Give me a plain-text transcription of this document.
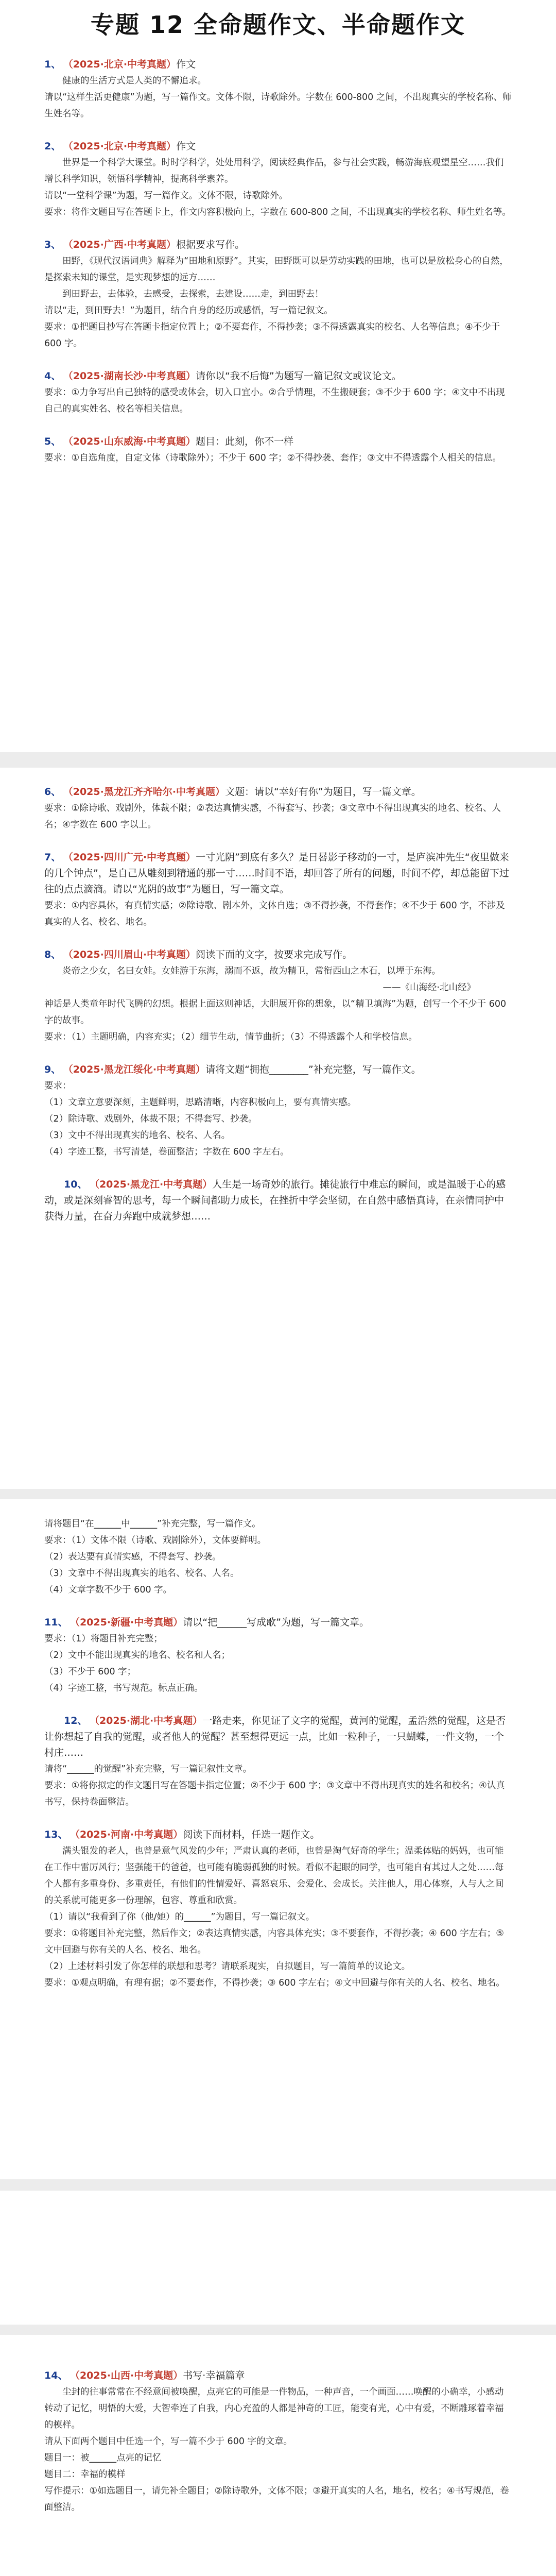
专题 12 全命题作文、半命题作文

1、 （2025·北京·中考真题）作文

健康的生活方式是人类的不懈追求。

请以“这样生活更健康”为题，写一篇作文。文体不限，诗歌除外。字数在 600-800 之间，不出现真实的学校名称、师生姓名等。

2、 （2025·北京·中考真题）作文

世界是一个科学大课堂。时时学科学，处处用科学，阅读经典作品，参与社会实践，畅游海底观望星空……我们增长科学知识，领悟科学精神，提高科学素养。

请以“一堂科学课”为题，写一篇作文。文体不限，诗歌除外。

要求：将作文题目写在答题卡上，作文内容积极向上，字数在 600-800 之间，不出现真实的学校名称、师生姓名等。

3、 （2025·广西·中考真题）根据要求写作。

田野，《现代汉语词典》解释为“田地和原野”。其实，田野既可以是劳动实践的田地，也可以是放松身心的自然，是探索未知的课堂，是实现梦想的远方……

到田野去，去体验，去感受，去探索，去建设……走，到田野去！

请以“走，到田野去！”为题目，结合自身的经历或感悟，写一篇记叙文。

要求：①把题目抄写在答题卡指定位置上；②不要套作，不得抄袭；③不得透露真实的校名、人名等信息；④不少于 600 字。

4、 （2025·湖南长沙·中考真题）请你以“我不后悔”为题写一篇记叙文或议论文。

要求：①力争写出自己独特的感受或体会，切入口宜小。②合乎情理，不生搬硬套；③不少于 600 字；④文中不出现自己的真实姓名、校名等相关信息。

5、 （2025·山东威海·中考真题）题目：此刻，你不一样

要求：①自选角度，自定文体（诗歌除外）；不少于 600 字；②不得抄袭、套作；③文中不得透露个人相关的信息。

6、 （2025·黑龙江齐齐哈尔·中考真题）文题：请以“幸好有你”为题目，写一篇文章。

要求：①除诗歌、戏剧外，体裁不限；②表达真情实感，不得套写、抄袭；③文章中不得出现真实的地名、校名、人名；④字数在 600 字以上。

7、 （2025·四川广元·中考真题）一寸光阴”到底有多久？是日晷影子移动的一寸，是庐滨冲先生“夜里做来的几个钟点”，是自己从雕刻到精通的那一寸……时间不语，却回答了所有的问题，时间不停，却总能留下过往的点点滴滴。请以“光阴的故事”为题目，写一篇文章。

要求：①内容具体，有真情实感；②除诗歌、剧本外，文体自选；③不得抄袭，不得套作；④不少于 600 字，不涉及真实的人名、校名、地名。

8、 （2025·四川眉山·中考真题）阅读下面的文字，按要求完成写作。

炎帝之少女，名曰女娃。女娃游于东海，溺而不返，故为精卫，常衔西山之木石，以堙于东海。

——《山海经·北山经》

神话是人类童年时代飞腾的幻想。根据上面这则神话，大胆展开你的想象，以“精卫填海”为题，创写一个不少于 600 字的故事。

要求：（1）主题明确，内容充实；（2）细节生动，情节曲折；（3）不得透露个人和学校信息。

9、 （2025·黑龙江绥化·中考真题）请将文题“拥抱________”补充完整，写一篇作文。

要求：

（1）文章立意要深刻，主题鲜明，思路清晰，内容积极向上，要有真情实感。

（2）除诗歌、戏剧外，体裁不限；不得套写、抄袭。

（3）文中不得出现真实的地名、校名、人名。

（4）字迹工整，书写清楚，卷面整洁；字数在 600 字左右。

10、 （2025·黑龙江·中考真题）人生是一场奇妙的旅行。摊徒旅行中难忘的瞬间，或是温暖于心的感动，或是深刻睿智的思考，每一个瞬间都助力成长，在挫折中学会坚韧，在自然中感悟真诗，在亲情同护中获得力量，在奋力奔跑中成就梦想……

请将题目“在______中______”补充完整，写一篇作文。

要求：（1）文体不限（诗歌、戏剧除外），文体要鲜明。

（2）表达要有真情实感，不得套写、抄袭。

（3）文章中不得出现真实的地名、校名、人名。

（4）文章字数不少于 600 字。

11、 （2025·新疆·中考真题）请以“把______写成歌”为题，写一篇文章。

要求：（1）将题目补充完整；

（2）文中不能出现真实的地名、校名和人名；

（3）不少于 600 字；

（4）字迹工整，书写规范。标点正确。

12、 （2025·湖北·中考真题）一路走来，你见证了文字的觉醒，黄河的觉醒，孟浩然的觉醒，这是否让你想起了自我的觉醒，或者他人的觉醒？甚至想得更远一点，比如一粒种子，一只蝴蝶，一件文物，一个村庄……

请将“______的觉醒”补充完整，写一篇记叙性文章。

要求：①将你拟定的作文题目写在答题卡指定位置；②不少于 600 字；③文章中不得出现真实的姓名和校名；④认真书写，保持卷面整洁。

13、 （2025·河南·中考真题）阅读下面材料，任选一题作文。

满头银发的老人，也曾是意气风发的少年；严肃认真的老师，也曾是淘气好奇的学生；温柔体贴的妈妈，也可能在工作中雷厉风行；坚强能干的爸爸，也可能有脆弱孤独的时候。看似不起眼的同学，也可能自有其过人之处……每个人都有多重身份、多重责任，有他们的性情爱好、喜怒哀乐、会爱化、会成长。关注他人，用心体察，人与人之间的关系就可能更多一份理解，包容、尊重和欣赏。

（1）请以“我看到了你（他/她）的______”为题目，写一篇记叙文。

要求：①将题目补充完整，然后作文；②表达真情实感，内容具体充实；③不要套作，不得抄袭；④ 600 字左右；⑤文中回避与你有关的人名、校名、地名。

（2）上述材料引发了你怎样的联想和思考？请联系现实，自拟题目，写一篇简单的议论文。

要求：①观点明确，有理有据；②不要套作，不得抄袭；③ 600 字左右；④文中回避与你有关的人名、校名、地名。

14、 （2025·山西·中考真题）书写·幸福篇章

尘封的往事常常在不经意间被唤醒，点亮它的可能是一件物品，一种声音，一个画面……唤醒的小确幸，小感动转动了记忆，明悟的大爱，大智牵连了自我，内心充盈的人都是神奇的工匠，能变有光，心中有爱，不断雕琢着幸福的模样。

请从下面两个题目中任选一个，写一篇不少于 600 字的文章。

题目一：被______点亮的记忆

题目二：幸福的模样

写作提示：①如选题目一，请先补全题目；②除诗歌外，文体不限；③避开真实的人名，地名，校名；④书写规范，卷面整洁。
